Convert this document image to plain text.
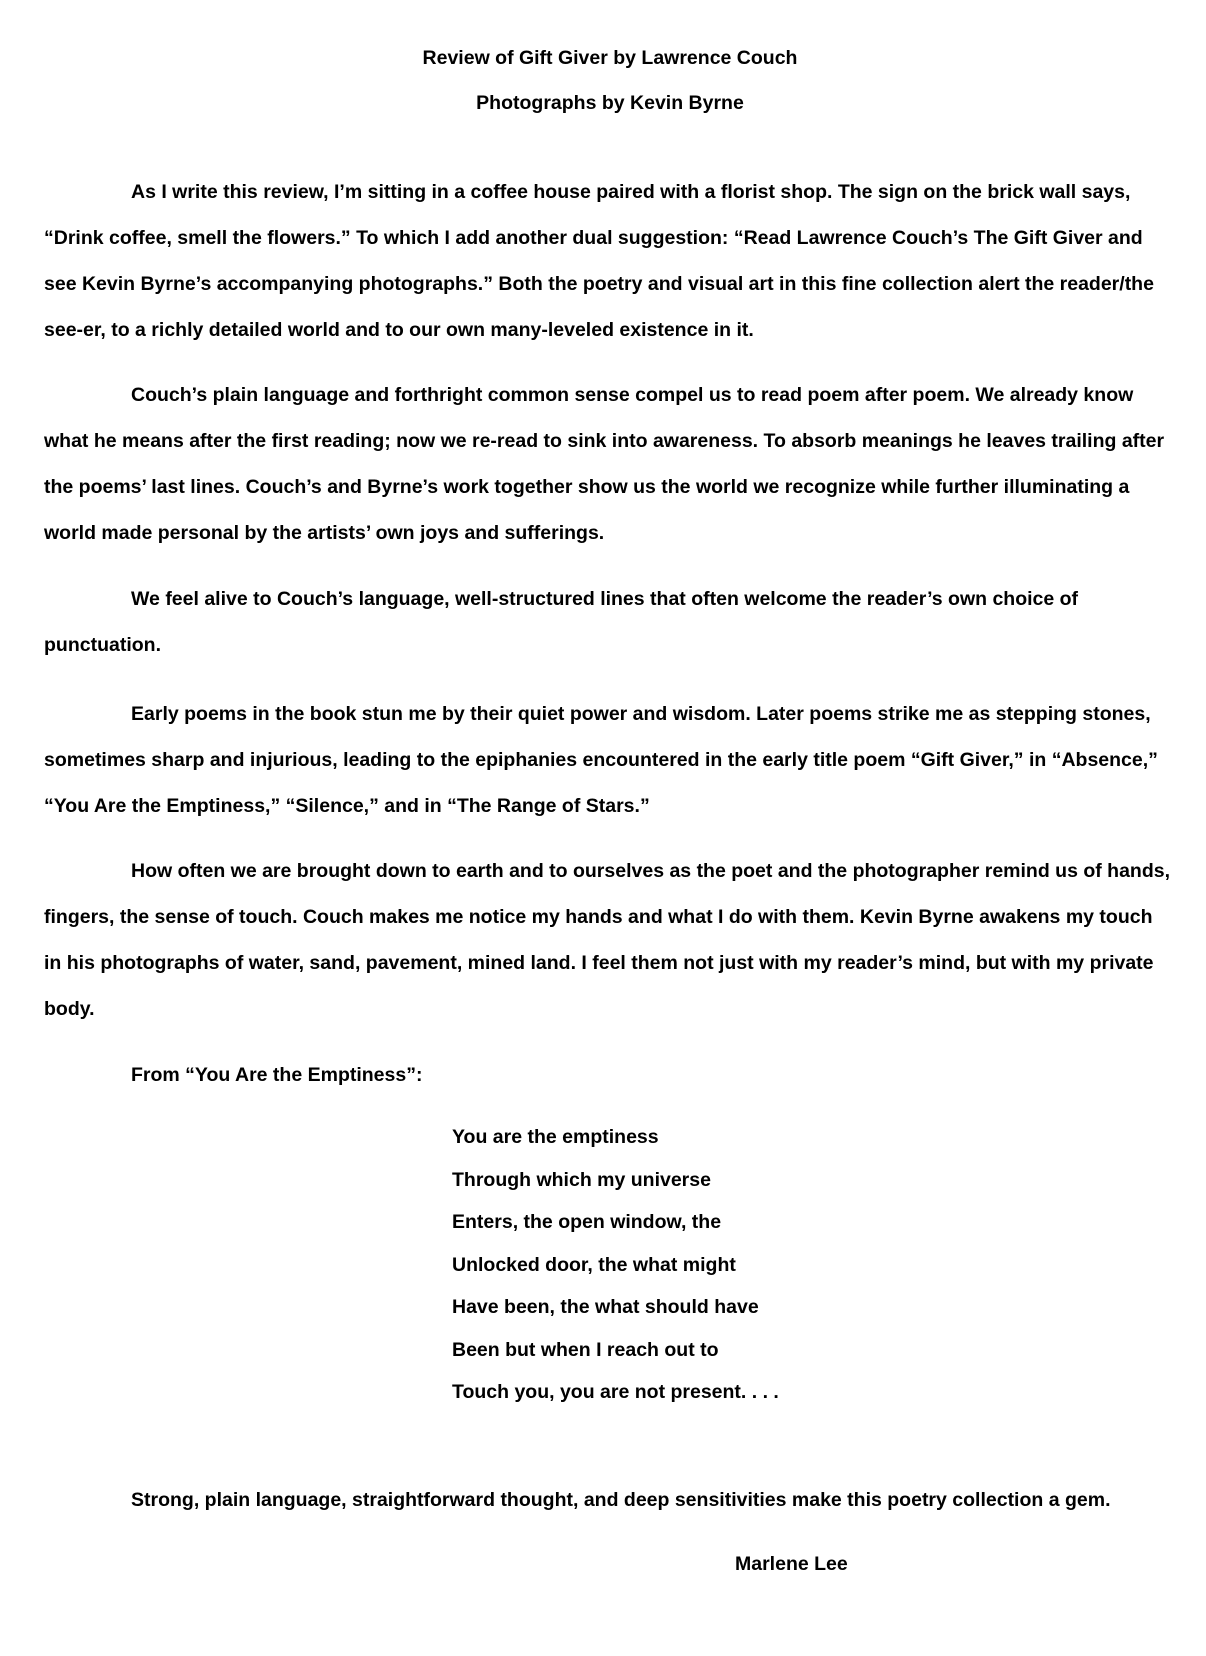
Review of Gift Giver by Lawrence Couch
Photographs by Kevin Byrne
As I write this review, I’m sitting in a coffee house paired with a florist shop. The sign on the brick wall says,
“Drink coffee, smell the flowers.” To which I add another dual suggestion: “Read Lawrence Couch’s The Gift Giver and
see Kevin Byrne’s accompanying photographs.” Both the poetry and visual art in this fine collection alert the reader/the
see-er, to a richly detailed world and to our own many-leveled existence in it.
Couch’s plain language and forthright common sense compel us to read poem after poem. We already know
what he means after the first reading; now we re-read to sink into awareness. To absorb meanings he leaves trailing after
the poems’ last lines. Couch’s and Byrne’s work together show us the world we recognize while further illuminating a
world made personal by the artists’ own joys and sufferings.
We feel alive to Couch’s language, well-structured lines that often welcome the reader’s own choice of
punctuation.
Early poems in the book stun me by their quiet power and wisdom. Later poems strike me as stepping stones,
sometimes sharp and injurious, leading to the epiphanies encountered in the early title poem “Gift Giver,” in “Absence,”
“You Are the Emptiness,” “Silence,” and in “The Range of Stars.”
How often we are brought down to earth and to ourselves as the poet and the photographer remind us of hands,
fingers, the sense of touch. Couch makes me notice my hands and what I do with them. Kevin Byrne awakens my touch
in his photographs of water, sand, pavement, mined land. I feel them not just with my reader’s mind, but with my private
body.

From “You Are the Emptiness”:

You are the emptiness
Through which my universe
Enters, the open window, the
Unlocked door, the what might
Have been, the what should have
Been but when I reach out to
Touch you, you are not present. . . .

Strong, plain language, straightforward thought, and deep sensitivities make this poetry collection a gem.

Marlene Lee
